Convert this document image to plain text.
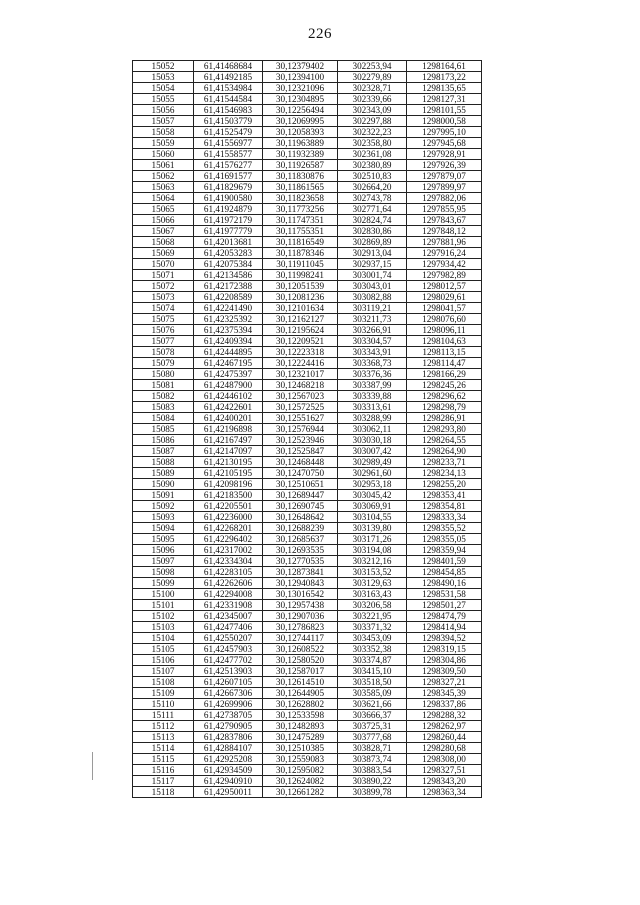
226
15052	61,41468684	30,12379402	302253,94	1298164,61
15053	61,41492185	30,12394100	302279,89	1298173,22
15054	61,41534984	30,12321096	302328,71	1298135,65
15055	61,41544584	30,12304895	302339,66	1298127,31
15056	61,41546983	30,12256494	302343,09	1298101,55
15057	61,41503779	30,12069995	302297,88	1298000,58
15058	61,41525479	30,12058393	302322,23	1297995,10
15059	61,41556977	30,11963889	302358,80	1297945,68
15060	61,41558577	30,11932389	302361,08	1297928,91
15061	61,41576277	30,11926587	302380,89	1297926,39
15062	61,41691577	30,11830876	302510,83	1297879,07
15063	61,41829679	30,11861565	302664,20	1297899,97
15064	61,41900580	30,11823658	302743,78	1297882,06
15065	61,41924879	30,11773256	302771,64	1297855,95
15066	61,41972179	30,11747351	302824,74	1297843,67
15067	61,41977779	30,11755351	302830,86	1297848,12
15068	61,42013681	30,11816549	302869,89	1297881,96
15069	61,42053283	30,11878346	302913,04	1297916,24
15070	61,42075384	30,11911045	302937,15	1297934,42
15071	61,42134586	30,11998241	303001,74	1297982,89
15072	61,42172388	30,12051539	303043,01	1298012,57
15073	61,42208589	30,12081236	303082,88	1298029,61
15074	61,42241490	30,12101634	303119,21	1298041,57
15075	61,42325392	30,12162127	303211,73	1298076,60
15076	61,42375394	30,12195624	303266,91	1298096,11
15077	61,42409394	30,12209521	303304,57	1298104,63
15078	61,42444895	30,12223318	303343,91	1298113,15
15079	61,42467195	30,12224416	303368,73	1298114,47
15080	61,42475397	30,12321017	303376,36	1298166,29
15081	61,42487900	30,12468218	303387,99	1298245,26
15082	61,42446102	30,12567023	303339,88	1298296,62
15083	61,42422601	30,12572525	303313,61	1298298,79
15084	61,42400201	30,12551627	303288,99	1298286,91
15085	61,42196898	30,12576944	303062,11	1298293,80
15086	61,42167497	30,12523946	303030,18	1298264,55
15087	61,42147097	30,12525847	303007,42	1298264,90
15088	61,42130195	30,12468448	302989,49	1298233,71
15089	61,42105195	30,12470750	302961,60	1298234,13
15090	61,42098196	30,12510651	302953,18	1298255,20
15091	61,42183500	30,12689447	303045,42	1298353,41
15092	61,42205501	30,12690745	303069,91	1298354,81
15093	61,42236000	30,12648642	303104,55	1298333,34
15094	61,42268201	30,12688239	303139,80	1298355,52
15095	61,42296402	30,12685637	303171,26	1298355,05
15096	61,42317002	30,12693535	303194,08	1298359,94
15097	61,42334304	30,12770535	303212,16	1298401,59
15098	61,42283105	30,12873841	303153,52	1298454,85
15099	61,42262606	30,12940843	303129,63	1298490,16
15100	61,42294008	30,13016542	303163,43	1298531,58
15101	61,42331908	30,12957438	303206,58	1298501,27
15102	61,42345007	30,12907036	303221,95	1298474,79
15103	61,42477406	30,12786823	303371,32	1298414,94
15104	61,42550207	30,12744117	303453,09	1298394,52
15105	61,42457903	30,12608522	303352,38	1298319,15
15106	61,42477702	30,12580520	303374,87	1298304,86
15107	61,42513903	30,12587017	303415,10	1298309,50
15108	61,42607105	30,12614510	303518,50	1298327,21
15109	61,42667306	30,12644905	303585,09	1298345,39
15110	61,42699906	30,12628802	303621,66	1298337,86
15111	61,42738705	30,12533598	303666,37	1298288,32
15112	61,42790905	30,12482893	303725,31	1298262,97
15113	61,42837806	30,12475289	303777,68	1298260,44
15114	61,42884107	30,12510385	303828,71	1298280,68
15115	61,42925208	30,12559083	303873,74	1298308,00
15116	61,42934509	30,12595082	303883,54	1298327,51
15117	61,42940910	30,12624082	303890,22	1298343,20
15118	61,42950011	30,12661282	303899,78	1298363,34
